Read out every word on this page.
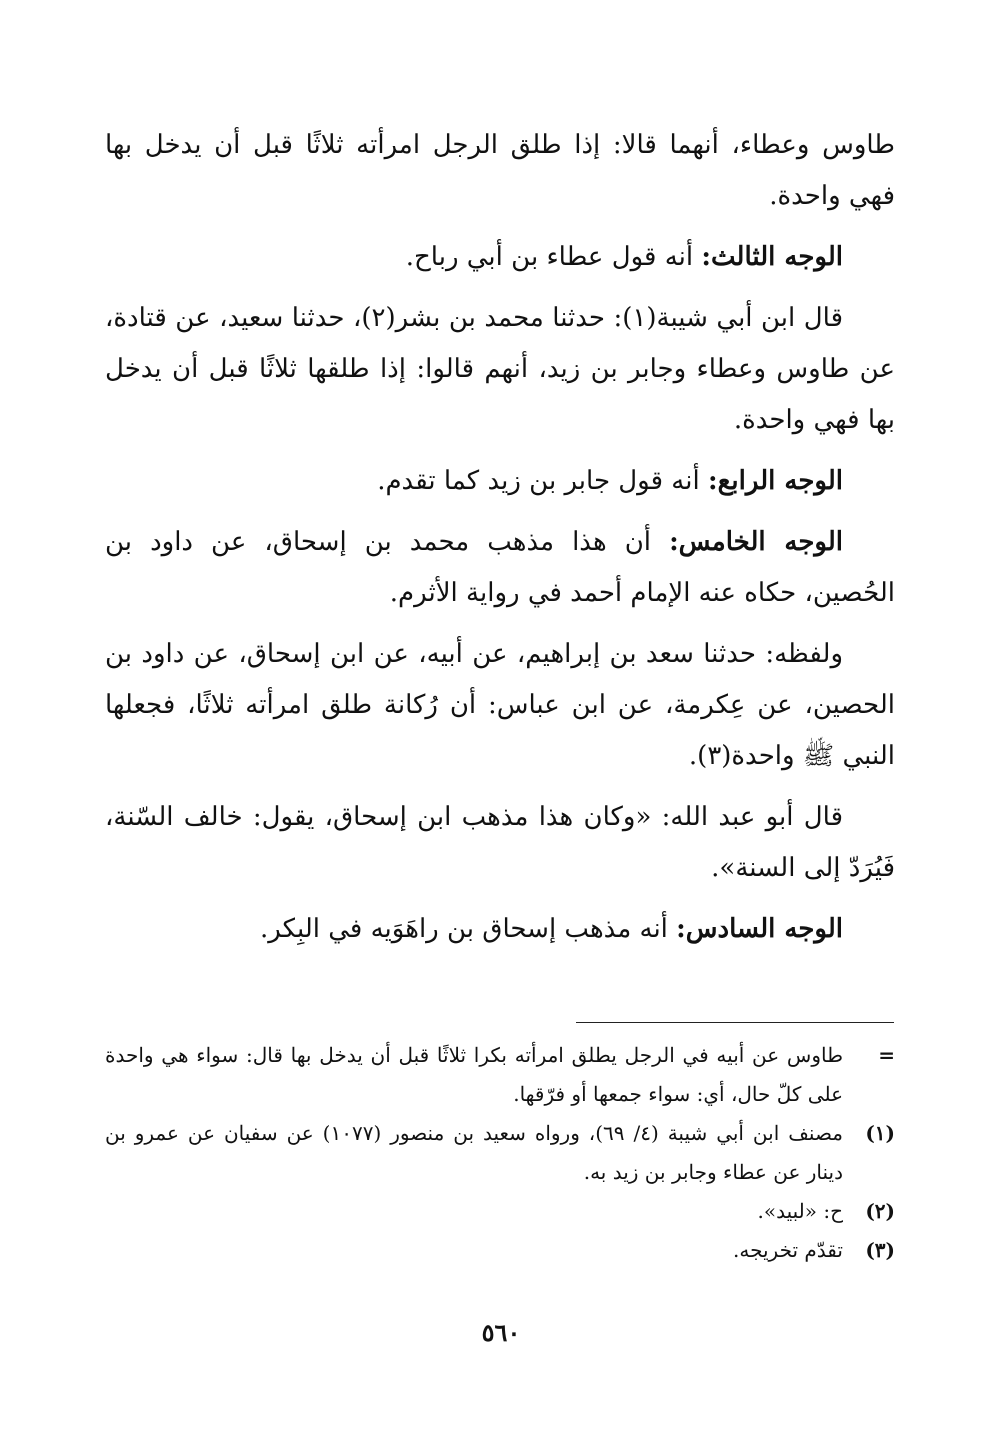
طاوس وعطاء، أنهما قالا: إذا طلق الرجل امرأته ثلاثًا قبل أن يدخل بها فهي واحدة.

الوجه الثالث: أنه قول عطاء بن أبي رباح.

قال ابن أبي شيبة(١): حدثنا محمد بن بشر(٢)، حدثنا سعيد، عن قتادة، عن طاوس وعطاء وجابر بن زيد، أنهم قالوا: إذا طلقها ثلاثًا قبل أن يدخل بها فهي واحدة.

الوجه الرابع: أنه قول جابر بن زيد كما تقدم.

الوجه الخامس: أن هذا مذهب محمد بن إسحاق، عن داود بن الحُصين، حكاه عنه الإمام أحمد في رواية الأثرم.

ولفظه: حدثنا سعد بن إبراهيم، عن أبيه، عن ابن إسحاق، عن داود بن الحصين، عن عِكرمة، عن ابن عباس: أن رُكانة طلق امرأته ثلاثًا، فجعلها النبي ﷺ واحدة(٣).

قال أبو عبد الله: «وكان هذا مذهب ابن إسحاق، يقول: خالف السّنة، فَيُرَدّ إلى السنة».

الوجه السادس: أنه مذهب إسحاق بن راهَوَيه في البِكر.

=
طاوس عن أبيه في الرجل يطلق امرأته بكرا ثلاثًا قبل أن يدخل بها قال: سواء هي واحدة على كلّ حال، أي: سواء جمعها أو فرّقها.
(١)
مصنف ابن أبي شيبة (٤/ ٦٩)، ورواه سعيد بن منصور (١٠٧٧) عن سفيان عن عمرو بن دينار عن عطاء وجابر بن زيد به.
(٢)
ح: «لبيد».
(٣)
تقدّم تخريجه.
٥٦٠
